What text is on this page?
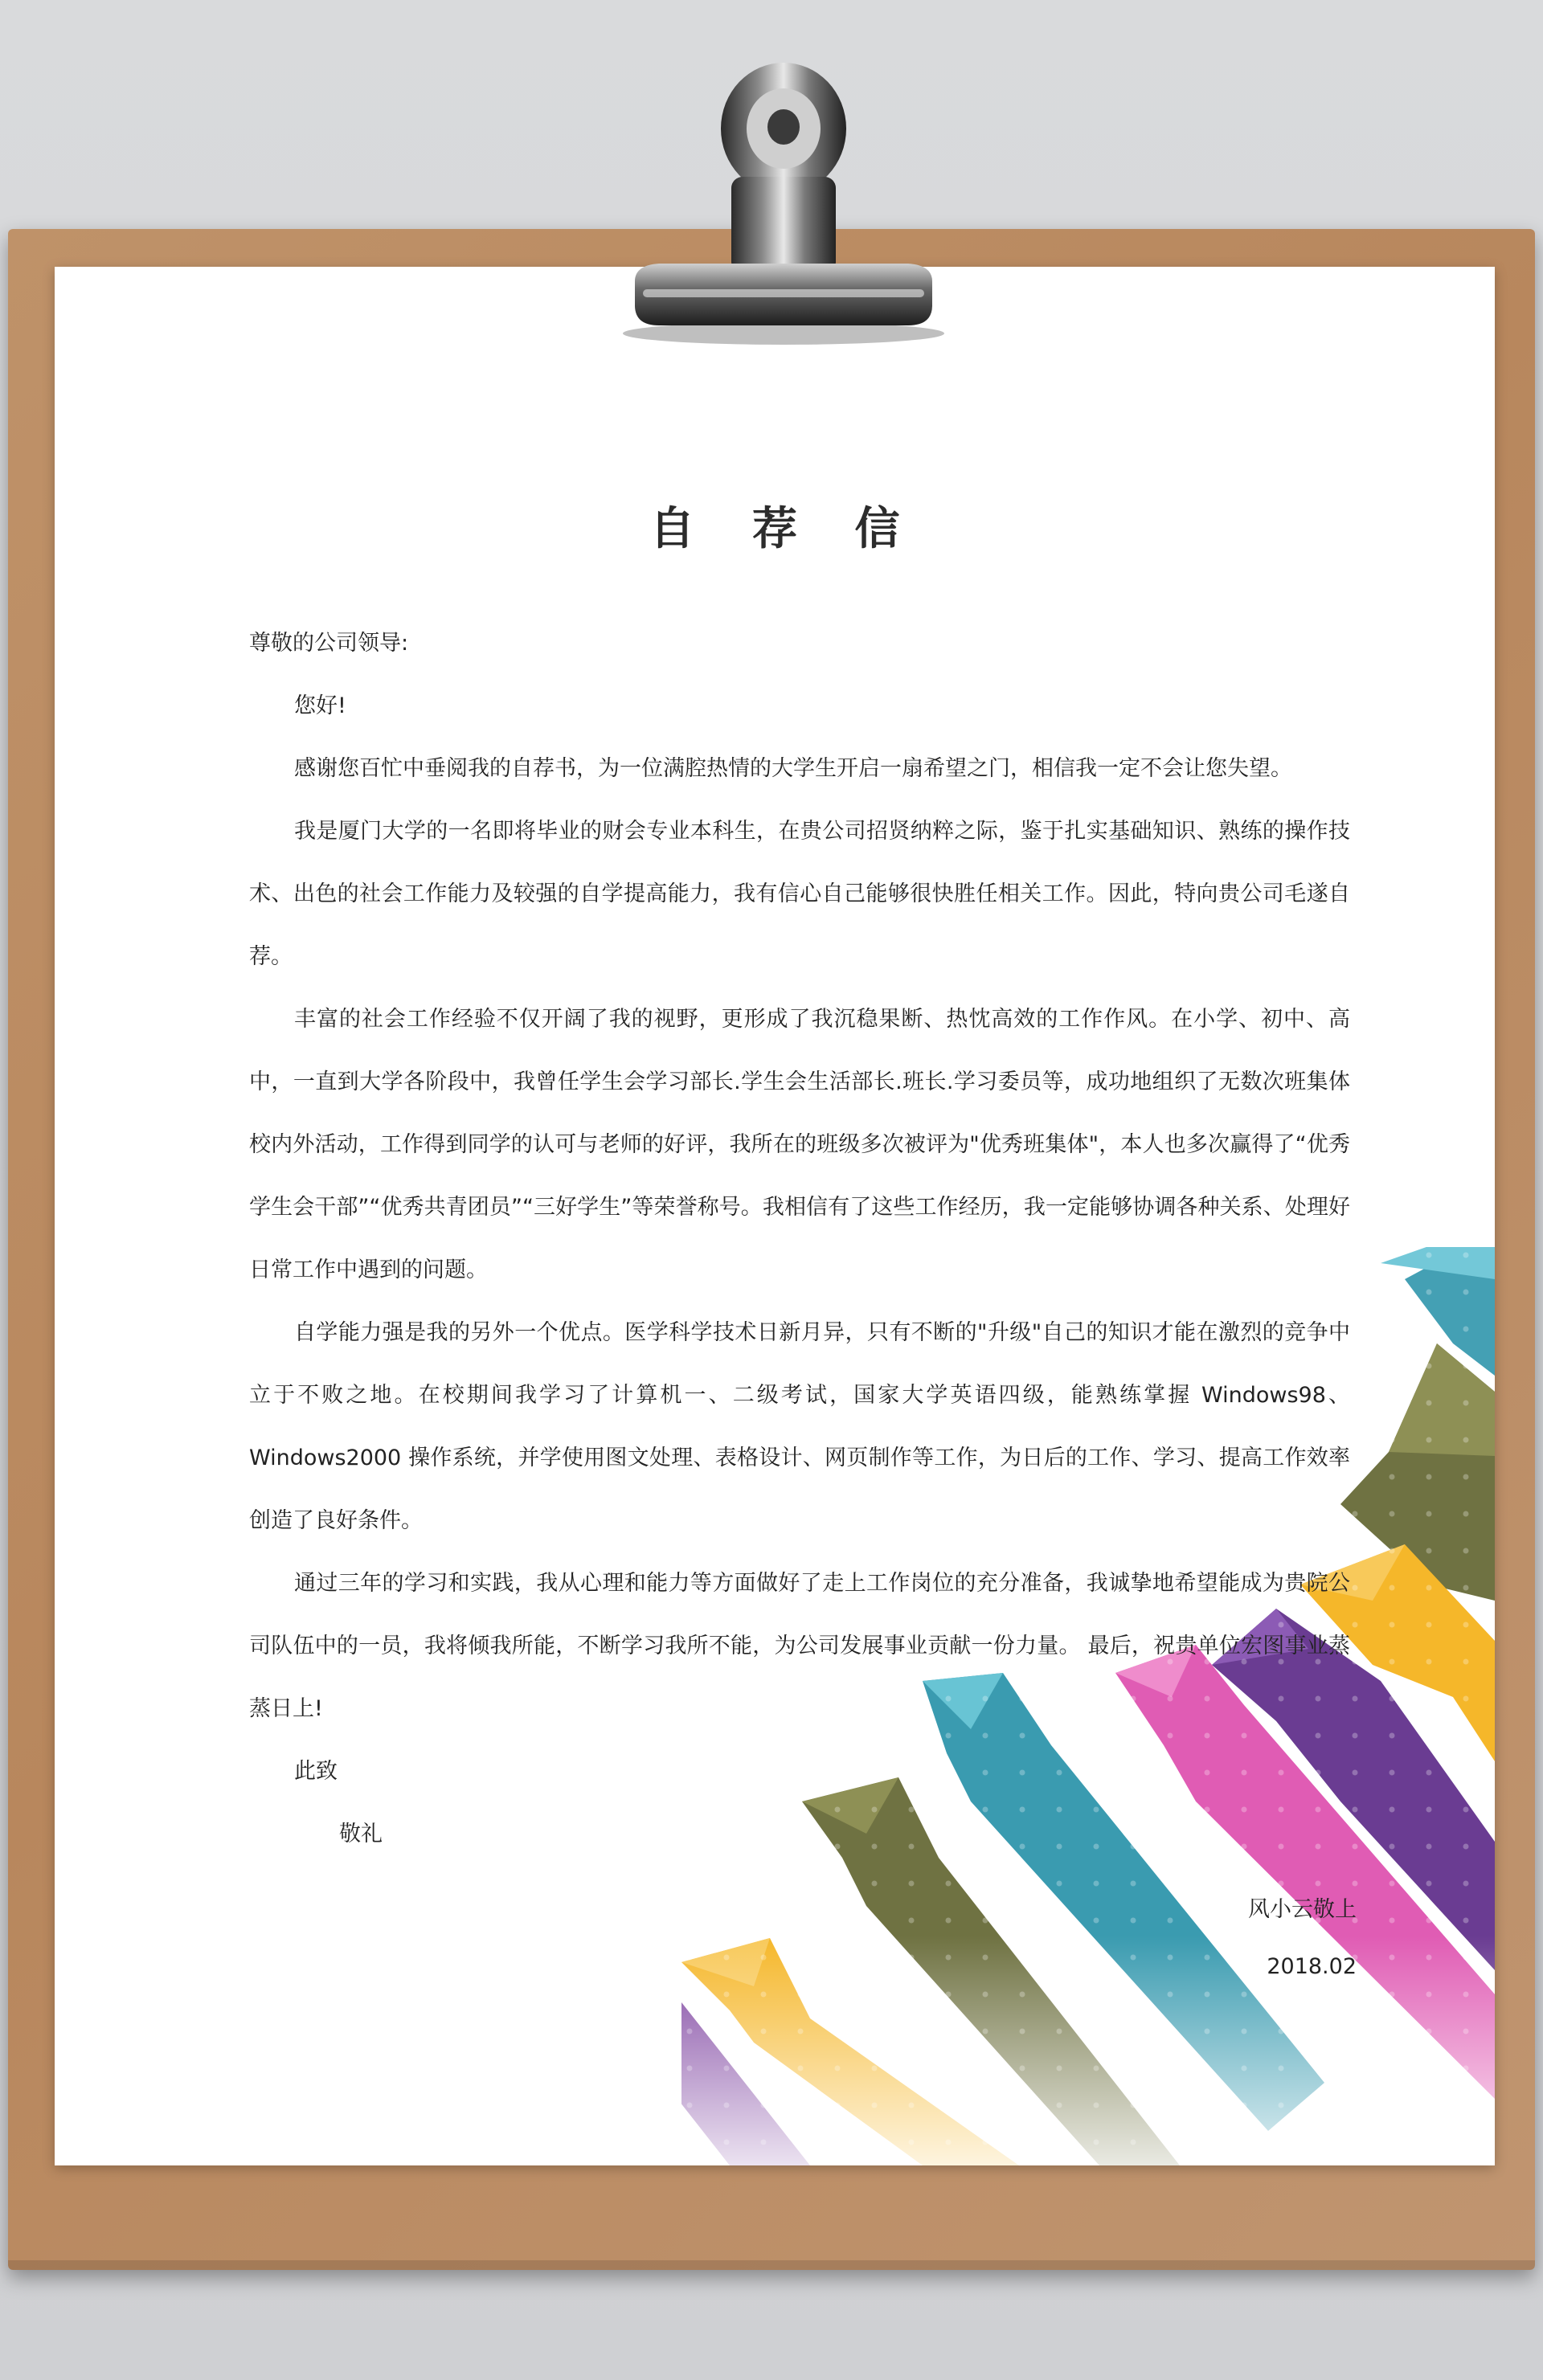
自 荐 信

尊敬的公司领导:

您好!

感谢您百忙中垂阅我的自荐书，为一位满腔热情的大学生开启一扇希望之门，相信我一定不会让您失望。

我是厦门大学的一名即将毕业的财会专业本科生，在贵公司招贤纳粹之际，鉴于扎实基础知识、熟练的操作技术、出色的社会工作能力及较强的自学提高能力，我有信心自己能够很快胜任相关工作。因此，特向贵公司毛遂自荐。

丰富的社会工作经验不仅开阔了我的视野，更形成了我沉稳果断、热忱高效的工作作风。在小学、初中、高中，一直到大学各阶段中，我曾任学生会学习部长.学生会生活部长.班长.学习委员等，成功地组织了无数次班集体校内外活动，工作得到同学的认可与老师的好评，我所在的班级多次被评为"优秀班集体"，本人也多次赢得了“优秀学生会干部”“优秀共青团员”“三好学生”等荣誉称号。我相信有了这些工作经历，我一定能够协调各种关系、处理好日常工作中遇到的问题。

自学能力强是我的另外一个优点。医学科学技术日新月异，只有不断的"升级"自己的知识才能在激烈的竞争中立于不败之地。在校期间我学习了计算机一、二级考试，国家大学英语四级，能熟练掌握 Windows98、Windows2000 操作系统，并学使用图文处理、表格设计、网页制作等工作，为日后的工作、学习、提高工作效率创造了良好条件。

通过三年的学习和实践，我从心理和能力等方面做好了走上工作岗位的充分准备，我诚挚地希望能成为贵院公司队伍中的一员，我将倾我所能，不断学习我所不能，为公司发展事业贡献一份力量。 最后，祝贵单位宏图事业蒸蒸日上!

此致

敬礼

风小云敬上
2018.02
